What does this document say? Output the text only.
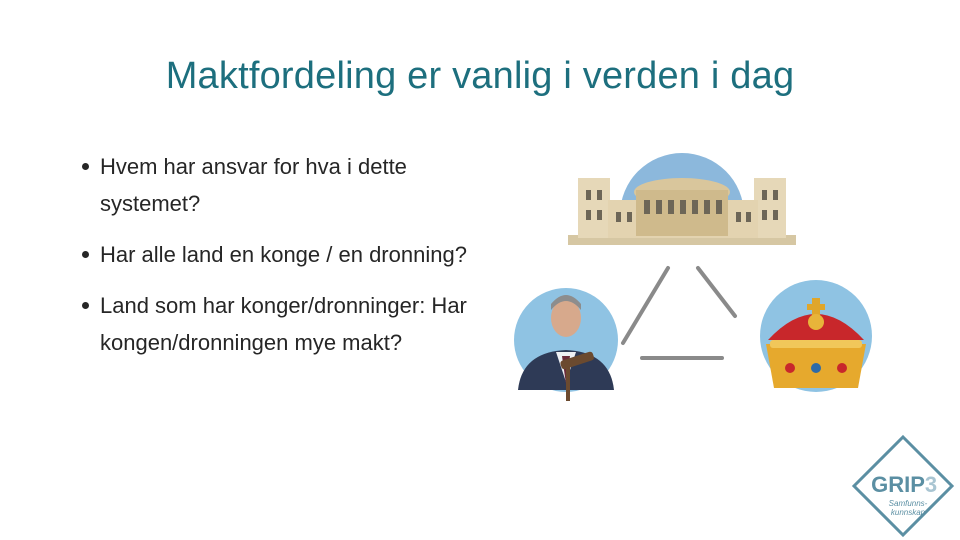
Maktfordeling er vanlig i verden i dag
Hvem har ansvar for hva i dette systemet?
Har alle land en konge / en dronning?
Land som har konger/dronninger: Har kongen/dronningen mye makt?
GRIP 3
Samfunns-
kunnskap
